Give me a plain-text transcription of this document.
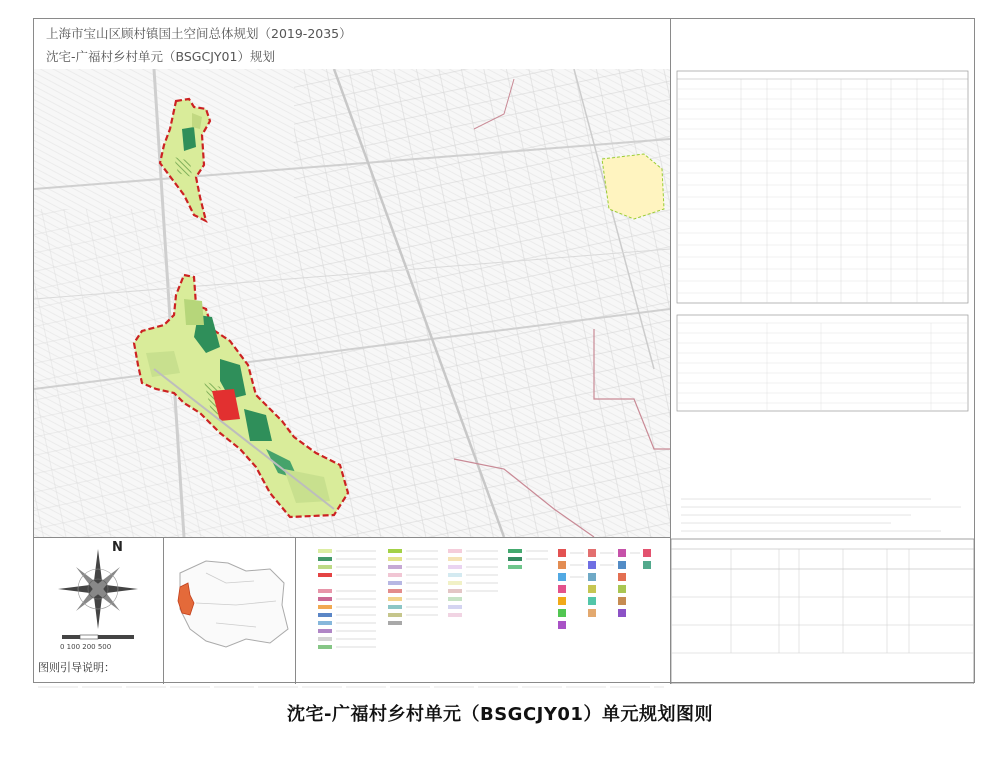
上海市宝山区顾村镇国土空间总体规划（2019-2035）
沈宅-广福村乡村单元（BSGCJY01）规划
N
0 100 200 500
图则引导说明：
沈宅-广福村乡村单元（BSGCJY01）单元规划图则
